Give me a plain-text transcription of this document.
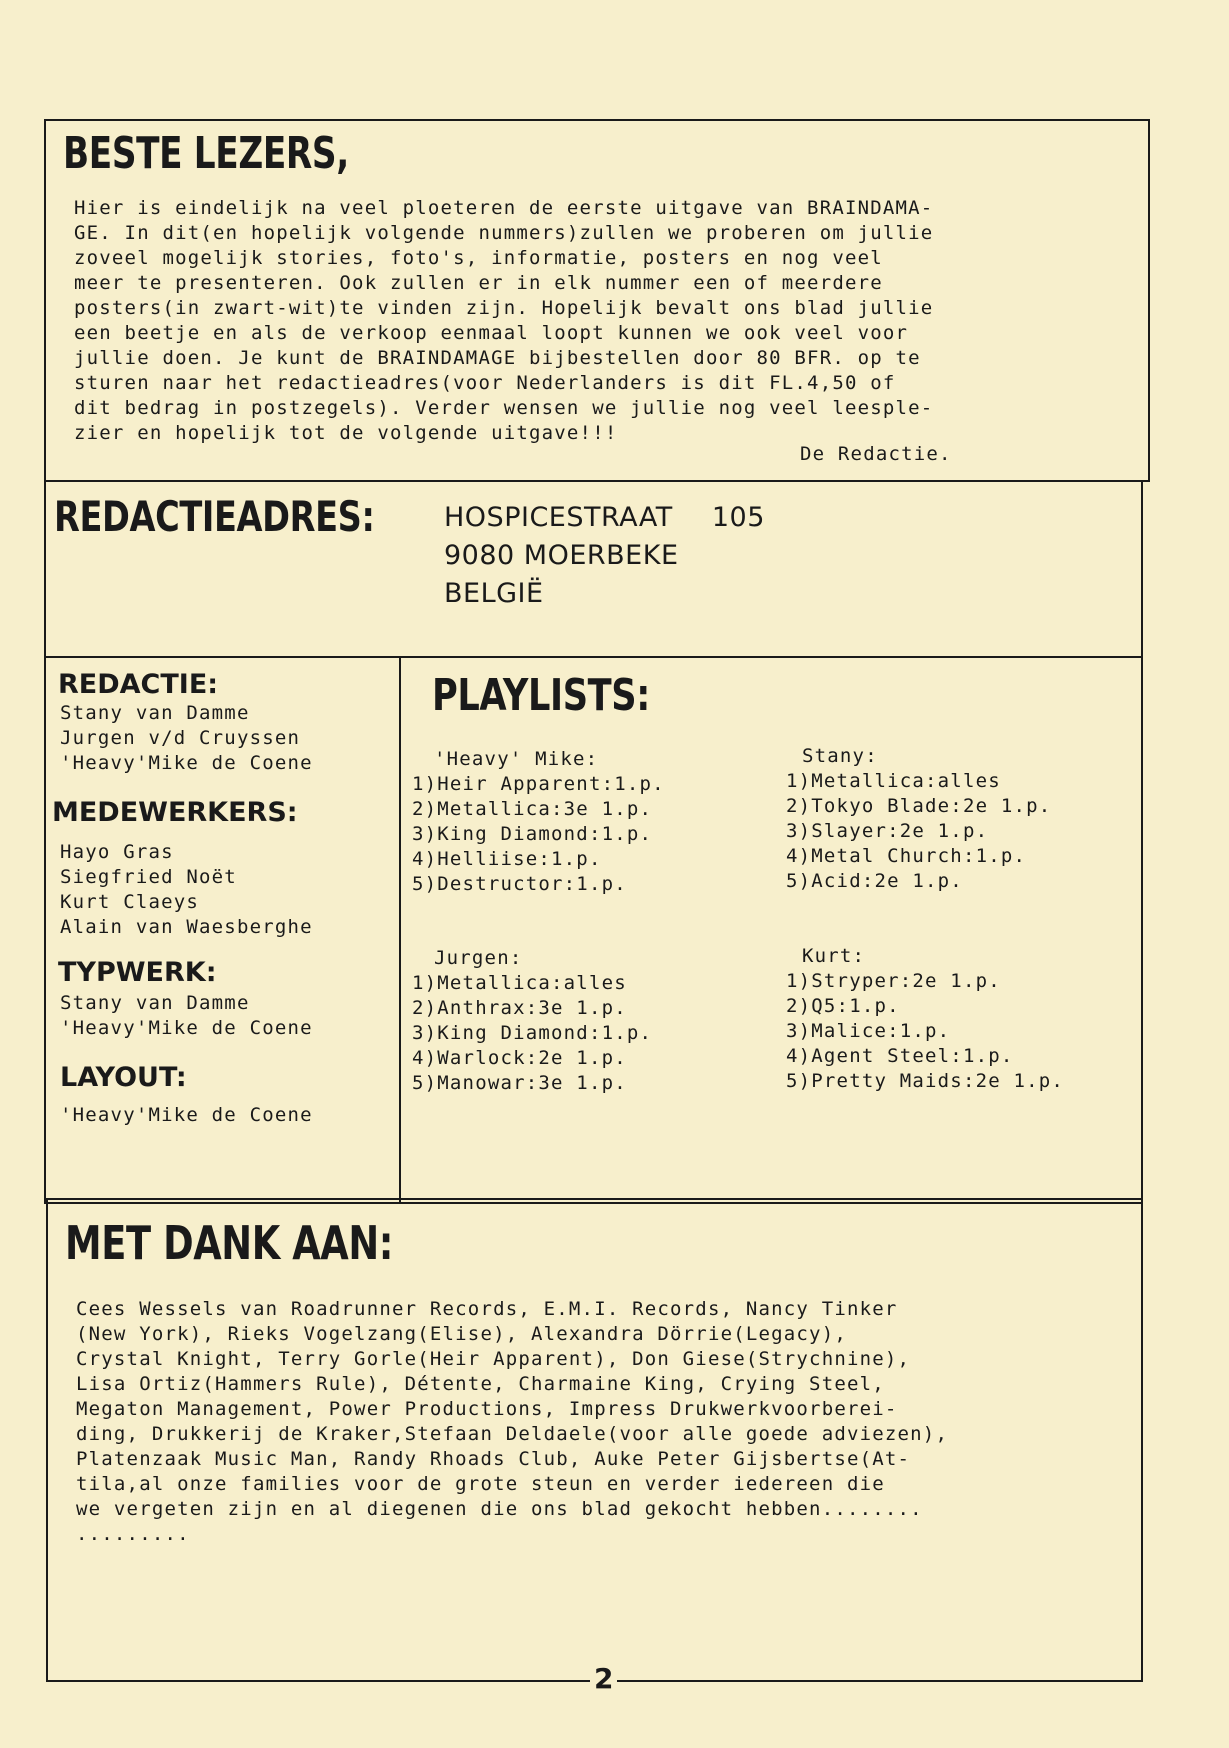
BESTE LEZERS,
Hier is eindelijk na veel ploeteren de eerste uitgave van BRAINDAMA-
GE. In dit(en hopelijk volgende nummers)zullen we proberen om jullie
zoveel mogelijk stories, foto's, informatie, posters en nog veel
meer te presenteren. Ook zullen er in elk nummer een of meerdere
posters(in zwart-wit)te vinden zijn. Hopelijk bevalt ons blad jullie
een beetje en als de verkoop eenmaal loopt kunnen we ook veel voor
jullie doen. Je kunt de BRAINDAMAGE bijbestellen door 80 BFR. op te
sturen naar het redactieadres(voor Nederlanders is dit FL.4,50 of
dit bedrag in postzegels). Verder wensen we jullie nog veel leesple-
zier en hopelijk tot de volgende uitgave!!!
De Redactie.
REDACTIEADRES:	HOSPICESTRAAT 105
9080 MOERBEKE
BELGIË
REDACTIE:
Stany van Damme
Jurgen v/d Cruyssen
'Heavy'Mike de Coene
MEDEWERKERS:
Hayo Gras
Siegfried Noët
Kurt Claeys
Alain van Waesberghe
TYPWERK:
Stany van Damme
'Heavy'Mike de Coene
LAYOUT:
'Heavy'Mike de Coene
PLAYLISTS:
'Heavy' Mike:
1)Heir Apparent:1.p.
2)Metallica:3e 1.p.
3)King Diamond:1.p.
4)Helliise:1.p.
5)Destructor:1.p.
Stany:
1)Metallica:alles
2)Tokyo Blade:2e 1.p.
3)Slayer:2e 1.p.
4)Metal Church:1.p.
5)Acid:2e 1.p.
Jurgen:
1)Metallica:alles
2)Anthrax:3e 1.p.
3)King Diamond:1.p.
4)Warlock:2e 1.p.
5)Manowar:3e 1.p.
Kurt:
1)Stryper:2e 1.p.
2)Q5:1.p.
3)Malice:1.p.
4)Agent Steel:1.p.
5)Pretty Maids:2e 1.p.
MET DANK AAN:
Cees Wessels van Roadrunner Records, E.M.I. Records, Nancy Tinker
(New York), Rieks Vogelzang(Elise), Alexandra Dörrie(Legacy),
Crystal Knight, Terry Gorle(Heir Apparent), Don Giese(Strychnine),
Lisa Ortiz(Hammers Rule), Détente, Charmaine King, Crying Steel,
Megaton Management, Power Productions, Impress Drukwerkvoorberei-
ding, Drukkerij de Kraker,Stefaan Deldaele(voor alle goede adviezen),
Platenzaak Music Man, Randy Rhoads Club, Auke Peter Gijsbertse(At-
tila,al onze families voor de grote steun en verder iedereen die
we vergeten zijn en al diegenen die ons blad gekocht hebben........
.........
2
